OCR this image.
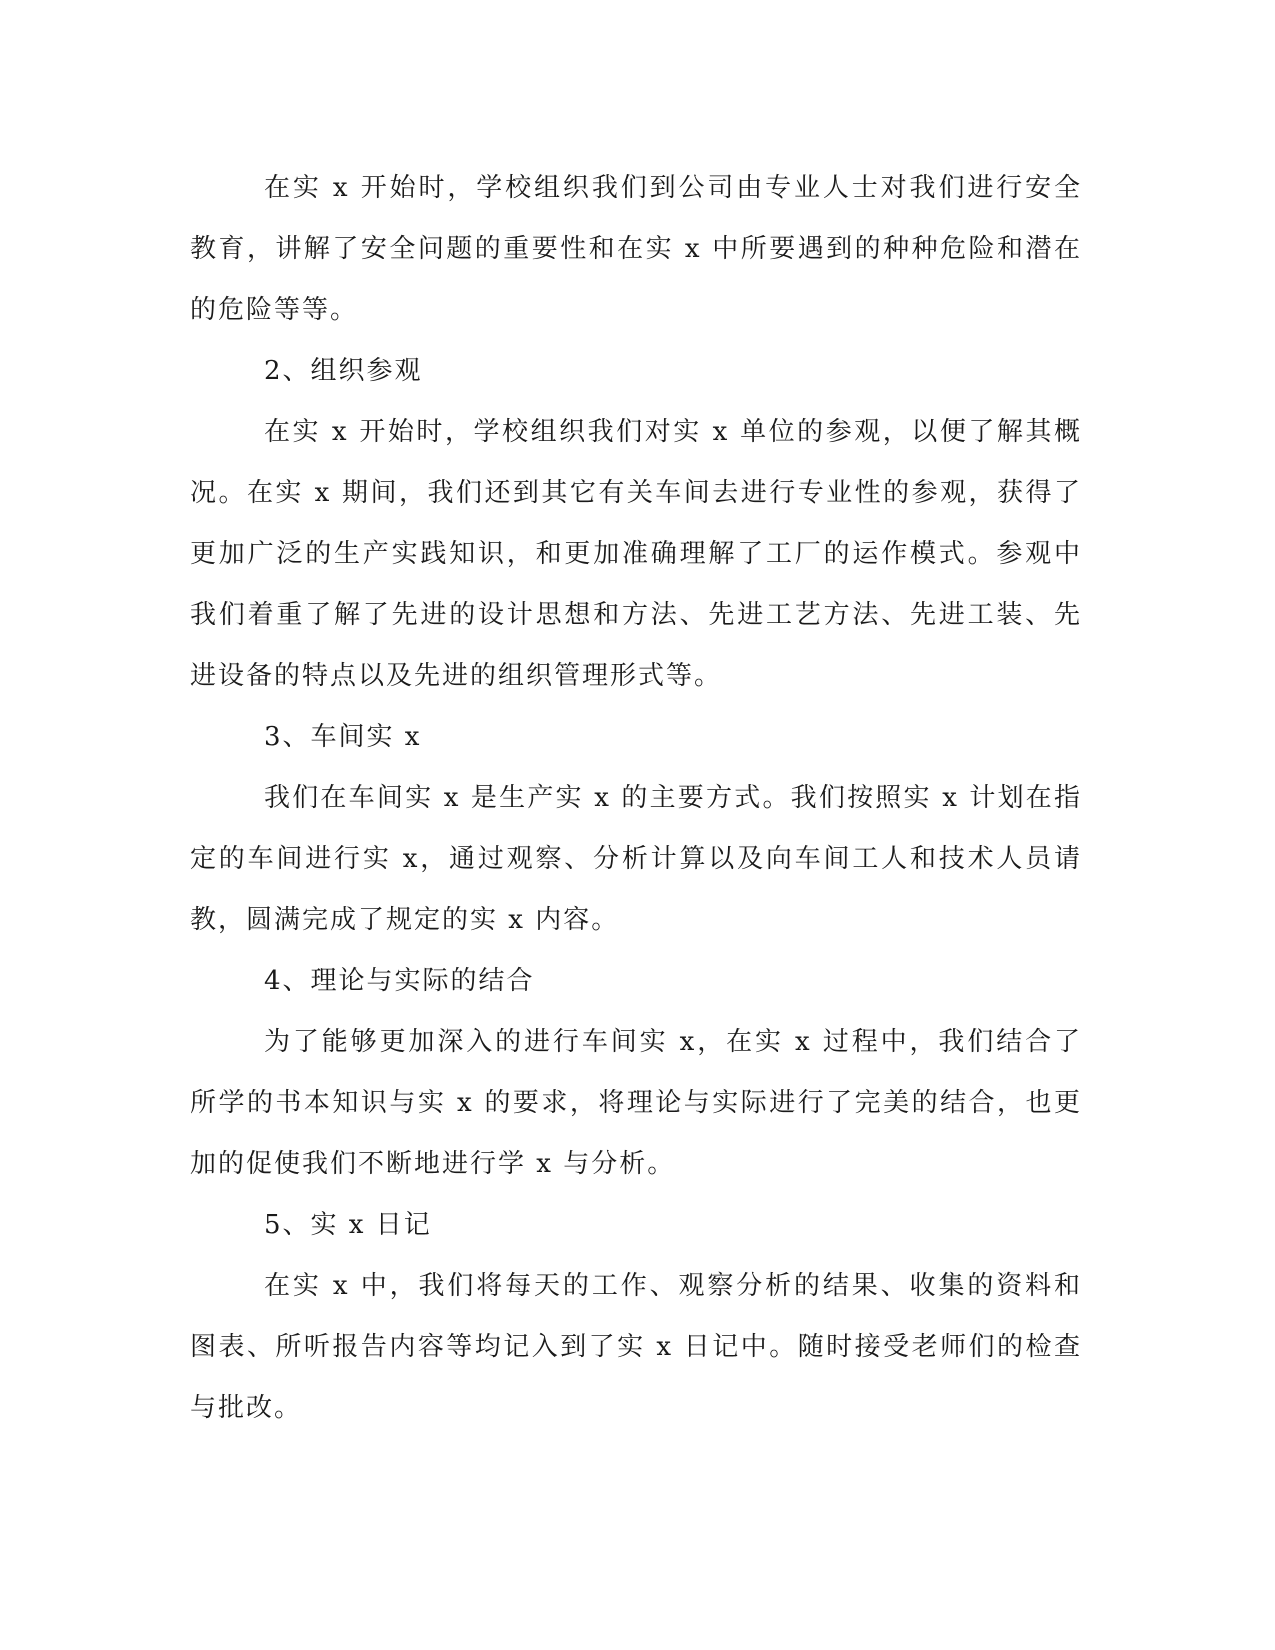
在实 x 开始时，学校组织我们到公司由专业人士对我们进行安全教育，讲解了安全问题的重要性和在实 x 中所要遇到的种种危险和潜在的危险等等。

2、组织参观

在实 x 开始时，学校组织我们对实 x 单位的参观，以便了解其概况。在实 x 期间，我们还到其它有关车间去进行专业性的参观，获得了更加广泛的生产实践知识，和更加准确理解了工厂的运作模式。参观中我们着重了解了先进的设计思想和方法、先进工艺方法、先进工装、先进设备的特点以及先进的组织管理形式等。

3、车间实 x

我们在车间实 x 是生产实 x 的主要方式。我们按照实 x 计划在指定的车间进行实 x，通过观察、分析计算以及向车间工人和技术人员请教，圆满完成了规定的实 x 内容。

4、理论与实际的结合

为了能够更加深入的进行车间实 x，在实 x 过程中，我们结合了所学的书本知识与实 x 的要求，将理论与实际进行了完美的结合，也更加的促使我们不断地进行学 x 与分析。

5、实 x 日记

在实 x 中，我们将每天的工作、观察分析的结果、收集的资料和图表、所听报告内容等均记入到了实 x 日记中。随时接受老师们的检查与批改。
